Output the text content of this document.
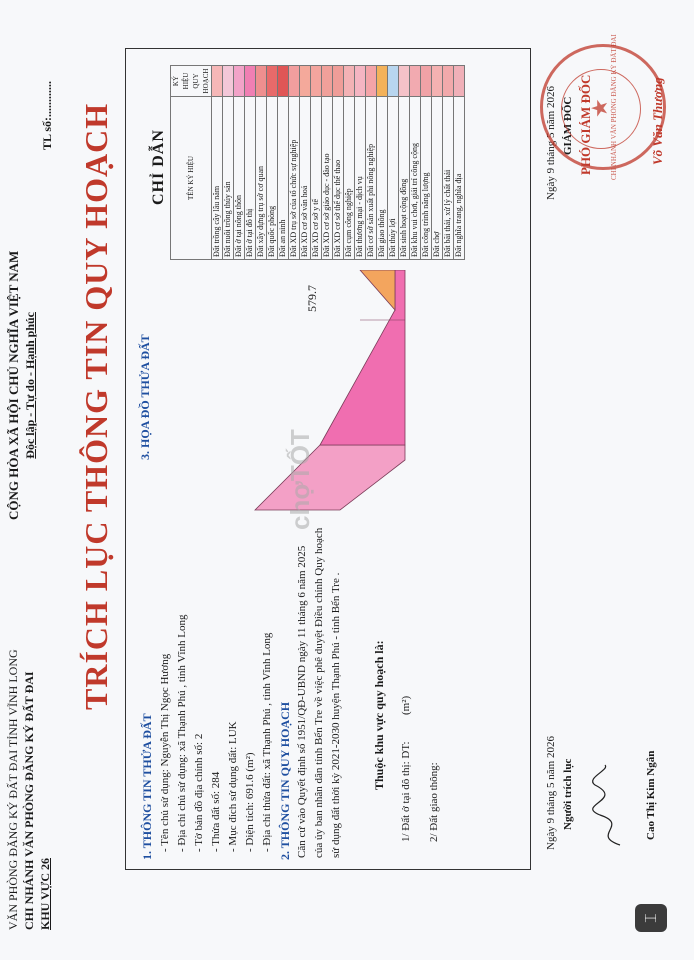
VĂN PHÒNG ĐĂNG KÝ ĐẤT ĐAI TỈNH VĨNH LONG CHI NHÁNH VĂN PHÒNG ĐĂNG KÝ ĐẤT ĐAI KHU VỰC 26
CỘNG HÒA XÃ HỘI CHỦ NGHĨA VIỆT NAM Độc lập - Tự do - Hạnh phúc
TL số:............ TRÍCH LỤC THÔNG TIN QUY HOẠCH
1. THÔNG TIN THỬA ĐẤT - Tên chủ sử dụng: Nguyễn Thị Ngọc Hương - Địa chỉ chủ sử dụng: xã Thạnh Phú , tỉnh Vĩnh Long - Tờ bản đồ địa chính số: 2 - Thửa đất số: 284 - Mục đích sử dụng đất: LUK - Diện tích: 691.6 (m²) - Địa chỉ thửa đất: xã Thạnh Phú , tỉnh Vĩnh Long 2. THÔNG TIN QUY HOẠCH Căn cứ vào Quyết định số 1951/QĐ-UBND ngày 11 tháng 6 năm 2025 của ủy ban nhân dân tỉnh Bến Tre về việc phê duyệt Điều chỉnh Quy hoạch sử dụng đất thời kỳ 2021-2030 huyện Thạnh Phú - tỉnh Bến Tre .	Thuộc khu vực quy hoạch là:
1/ Đất ở tại đô thị: DT:
(m²)
2/ Đất giao thông:
3. HỌA ĐỒ THỬA ĐẤT
579.7
chợTỐT
CHỈ DẪN	TÊN KÝ HIỆU	KÝ HIỆU QUY HOẠCH
Đất trồng cây lâu năm	
Đất nuôi trồng thủy sản	
Đất ở tại nông thôn	
Đất ở tại đô thị	
Đất xây dựng trụ sở cơ quan	
Đất quốc phòng	
Đất an ninh	
Đất XD trụ sở của tổ chức sự nghiệp	
Đất XD cơ sở văn hoá	
Đất XD cơ sở y tế	
Đất XD cơ sở giáo dục - đào tạo	
Đất XD cơ sở thể dục thể thao	
Đất cụm công nghiệp	
Đất thương mại - dịch vụ	
Đất cơ sở sản xuất phi nông nghiệp	
Đất giao thông	
Đất thủy lợi	
Đất sinh hoạt cộng đồng	
Đất khu vui chơi, giải trí công cộng	
Đất công trình năng lượng	
Đất chợ	
Đất bãi thải, xử lý chất thải	
Đất nghĩa trang, nghĩa địa	
Ngày 9 tháng 5 năm 2026 Người trích lục	Cao Thị Kim Ngân
Ngày 9 tháng 5 năm 2026 GIÁM ĐỐC PHÓ GIÁM ĐỐC
★	Võ Văn Thương
CHI NHÁNH VĂN PHÒNG ĐĂNG KÝ ĐẤT ĐAI
⌶
